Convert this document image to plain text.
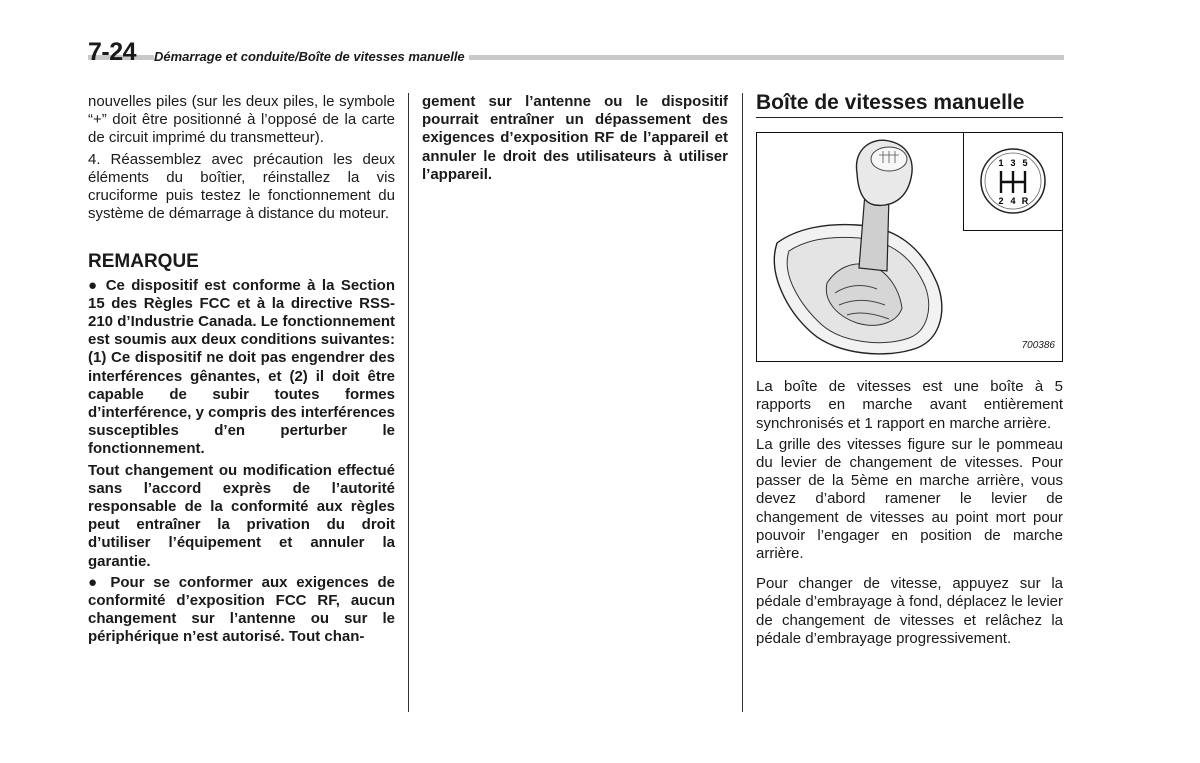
7-24 Démarrage et conduite/Boîte de vitesses manuelle

nouvelles piles (sur les deux piles, le symbole “+” doit être positionné à l’opposé de la carte de circuit imprimé du transmetteur).

4. Réassemblez avec précaution les deux éléments du boîtier, réinstallez la vis cruciforme puis testez le fonctionnement du système de démarrage à distance du moteur.

REMARQUE

● Ce dispositif est conforme à la Section 15 des Règles FCC et à la directive RSS-210 d’Industrie Canada. Le fonctionnement est soumis aux deux conditions suivantes: (1) Ce dispositif ne doit pas engendrer des interférences gênantes, et (2) il doit être capable de subir toutes formes d’interférence, y compris des interférences susceptibles d’en perturber le fonctionnement.

Tout changement ou modification effectué sans l’accord exprès de l’autorité responsable de la conformité aux règles peut entraîner la privation du droit d’utiliser l’équipement et annuler la garantie.

● Pour se conformer aux exigences de conformité d’exposition FCC RF, aucun changement sur l’antenne ou sur le périphérique n’est autorisé. Tout chan-

gement sur l’antenne ou le dispositif pourrait entraîner un dépassement des exigences d’exposition RF de l’appareil et annuler le droit des utilisateurs à utiliser l’appareil.

Boîte de vitesses manuelle
1 3 5
2 4 R
700386

La boîte de vitesses est une boîte à 5 rapports en marche avant entièrement synchronisés et 1 rapport en marche arrière.

La grille des vitesses figure sur le pommeau du levier de changement de vitesses. Pour passer de la 5ème en marche arrière, vous devez d’abord ramener le levier de changement de vitesses au point mort pour pouvoir l’engager en position de marche arrière.

Pour changer de vitesse, appuyez sur la pédale d’embrayage à fond, déplacez le levier de changement de vitesses et relâchez la pédale d’embrayage progressivement.
